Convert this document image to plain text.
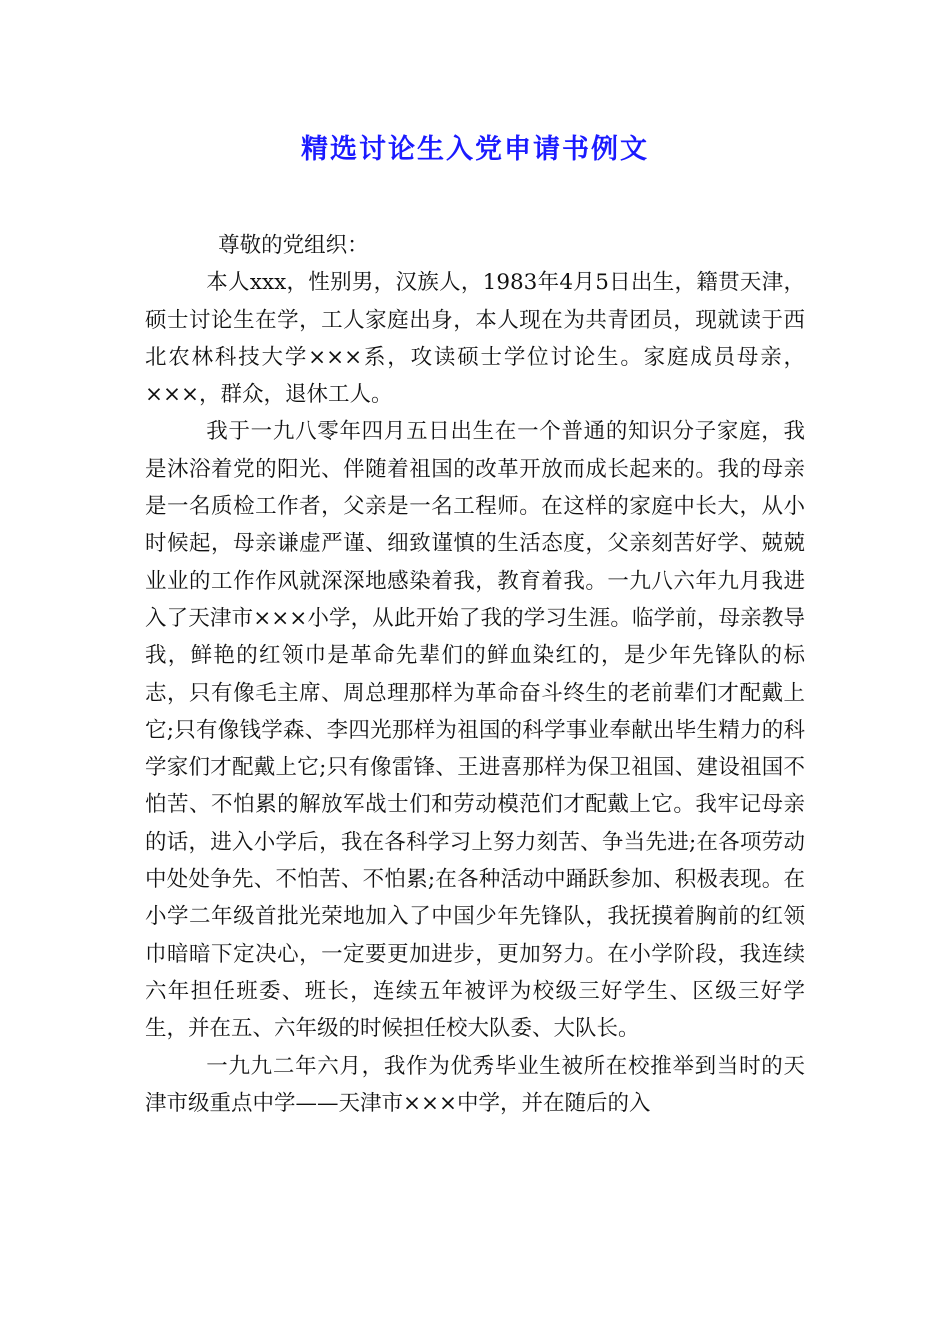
精选讨论生入党申请书例文

尊敬的党组织：

本人xxx，性别男，汉族人，1983年4月5日出生，籍贯天津，硕士讨论生在学，工人家庭出身，本人现在为共青团员，现就读于西北农林科技大学×××系，攻读硕士学位讨论生。家庭成员母亲，×××，群众，退休工人。

我于一九八零年四月五日出生在一个普通的知识分子家庭，我是沐浴着党的阳光、伴随着祖国的改革开放而成长起来的。我的母亲是一名质检工作者，父亲是一名工程师。在这样的家庭中长大，从小时候起，母亲谦虚严谨、细致谨慎的生活态度，父亲刻苦好学、兢兢业业的工作作风就深深地感染着我，教育着我。一九八六年九月我进入了天津市×××小学，从此开始了我的学习生涯。临学前，母亲教导我，鲜艳的红领巾是革命先辈们的鲜血染红的，是少年先锋队的标志，只有像毛主席、周总理那样为革命奋斗终生的老前辈们才配戴上它;只有像钱学森、李四光那样为祖国的科学事业奉献出毕生精力的科学家们才配戴上它;只有像雷锋、王进喜那样为保卫祖国、建设祖国不怕苦、不怕累的解放军战士们和劳动模范们才配戴上它。我牢记母亲的话，进入小学后，我在各科学习上努力刻苦、争当先进;在各项劳动中处处争先、不怕苦、不怕累;在各种活动中踊跃参加、积极表现。在小学二年级首批光荣地加入了中国少年先锋队，我抚摸着胸前的红领巾暗暗下定决心，一定要更加进步，更加努力。在小学阶段，我连续六年担任班委、班长，连续五年被评为校级三好学生、区级三好学生，并在五、六年级的时候担任校大队委、大队长。

一九九二年六月，我作为优秀毕业生被所在校推举到当时的天津市级重点中学——天津市×××中学，并在随后的入
